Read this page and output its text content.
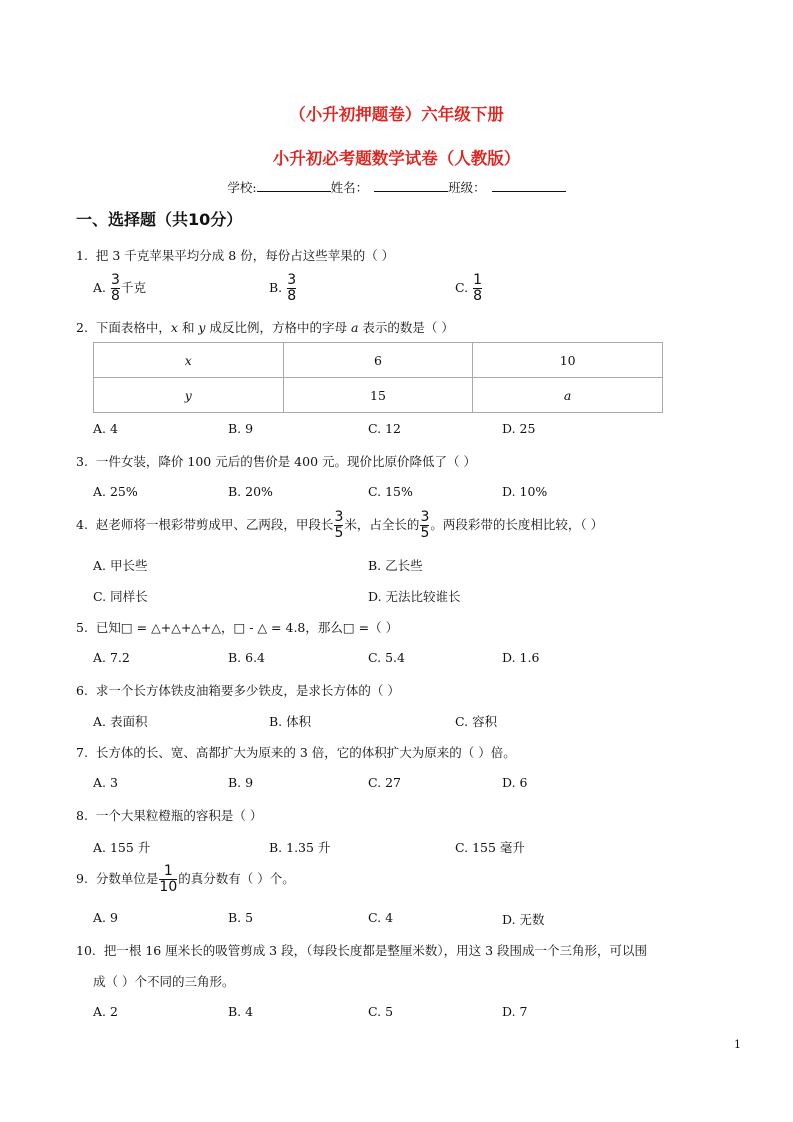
（小升初押题卷）六年级下册
小升初必考题数学试卷（人教版）
学校:	姓名：	班级：
一、选择题（共10分）
1. 把 3 千克苹果平均分成 8 份，每份占这些苹果的（ ）
A. $\frac{3}{8}$ 千克	B. $\frac{3}{8}$	C. $\frac{1}{8}$
2. 下面表格中，x 和 y 成反比例，方格中的字母 a 表示的数是（ ）
x	6	10
y	15	a
A. 4	B. 9	C. 12	D. 25
3. 一件女装，降价 100 元后的售价是 400 元。现价比原价降低了（ ）
A. 25%	B. 20%	C. 15%	D. 10%
4. 赵老师将一根彩带剪成甲、乙两段，甲段长 $\frac{3}{5}$ 米，占全长的 $\frac{3}{5}$ 。两段彩带的长度相比较，（ ）
A. 甲长些	B. 乙长些
C. 同样长	D. 无法比较谁长
5. 已知□ = △+△+△+△，□ - △ = 4.8，那么□ =（ ）
A. 7.2	B. 6.4	C. 5.4	D. 1.6
6. 求一个长方体铁皮油箱要多少铁皮，是求长方体的（ ）
A. 表面积	B. 体积	C. 容积
7. 长方体的长、宽、高都扩大为原来的 3 倍，它的体积扩大为原来的（ ）倍。
A. 3	B. 9	C. 27	D. 6
8. 一个大果粒橙瓶的容积是（ ）
A. 155 升	B. 1.35 升	C. 155 毫升
9. 分数单位是 $\frac{1}{10}$ 的真分数有（ ）个。
A. 9	B. 5	C. 4	D. 无数
10. 把一根 16 厘米长的吸管剪成 3 段，（每段长度都是整厘米数），用这 3 段围成一个三角形，可以围
成（ ）个不同的三角形。
A. 2	B. 4	C. 5	D. 7
1
